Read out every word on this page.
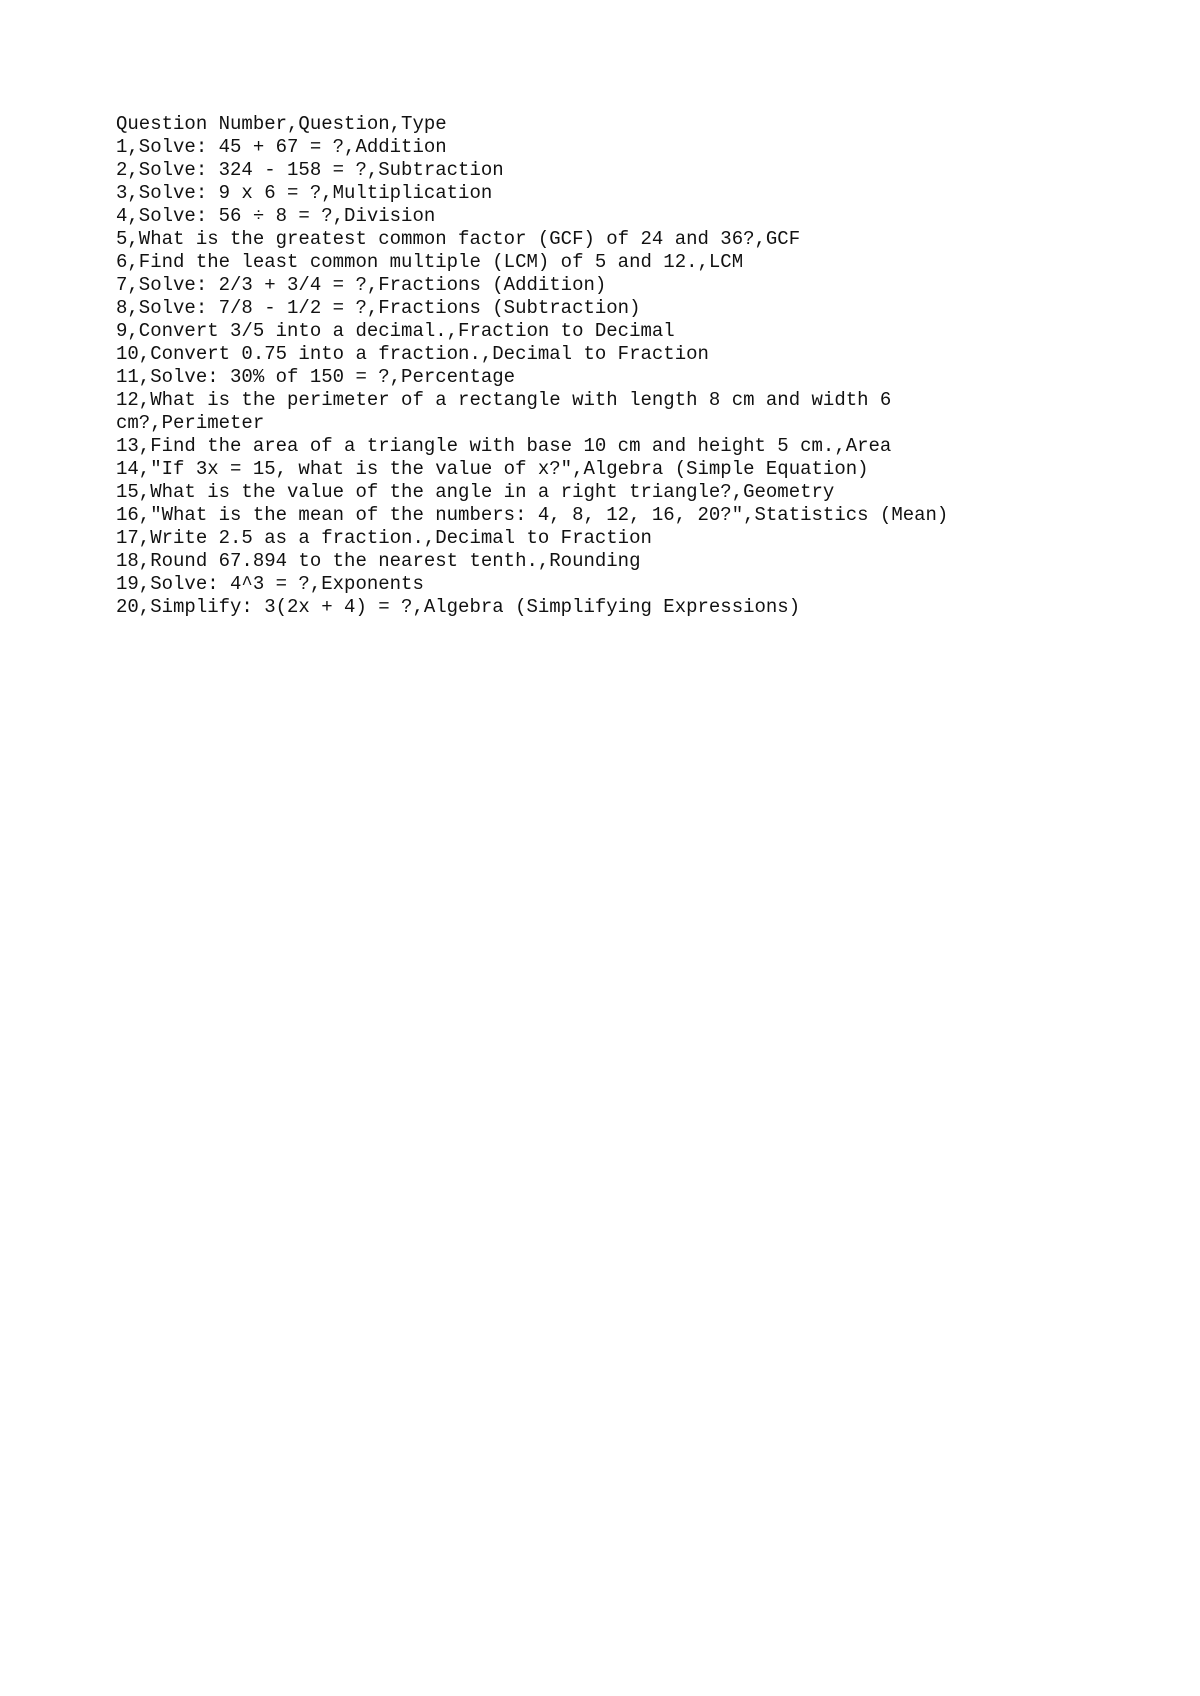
Question Number,Question,Type
1,Solve: 45 + 67 = ?,Addition
2,Solve: 324 - 158 = ?,Subtraction
3,Solve: 9 x 6 = ?,Multiplication
4,Solve: 56 ÷ 8 = ?,Division
5,What is the greatest common factor (GCF) of 24 and 36?,GCF
6,Find the least common multiple (LCM) of 5 and 12.,LCM
7,Solve: 2/3 + 3/4 = ?,Fractions (Addition)
8,Solve: 7/8 - 1/2 = ?,Fractions (Subtraction)
9,Convert 3/5 into a decimal.,Fraction to Decimal
10,Convert 0.75 into a fraction.,Decimal to Fraction
11,Solve: 30% of 150 = ?,Percentage
12,What is the perimeter of a rectangle with length 8 cm and width 6
cm?,Perimeter
13,Find the area of a triangle with base 10 cm and height 5 cm.,Area
14,"If 3x = 15, what is the value of x?",Algebra (Simple Equation)
15,What is the value of the angle in a right triangle?,Geometry
16,"What is the mean of the numbers: 4, 8, 12, 16, 20?",Statistics (Mean)
17,Write 2.5 as a fraction.,Decimal to Fraction
18,Round 67.894 to the nearest tenth.,Rounding
19,Solve: 4^3 = ?,Exponents
20,Simplify: 3(2x + 4) = ?,Algebra (Simplifying Expressions)
